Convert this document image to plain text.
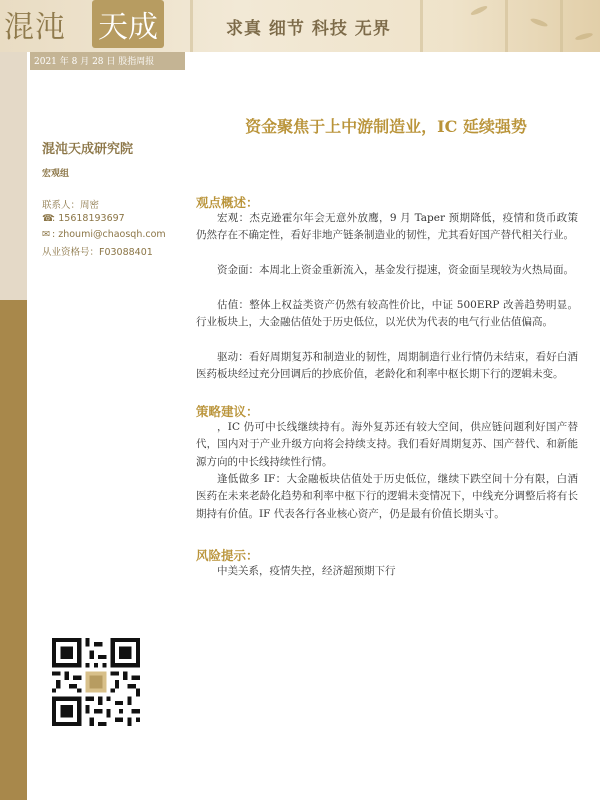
混沌 天成	求真 细节 科技 无界
2021 年 8 月 28 日 股指周报
混沌天成研究院
宏观组
联系人：周密
☎: 15618193697
✉ : zhoumi@chaosqh.com
从业资格号：F03088401
资金聚焦于上中游制造业，IC 延续强势
观点概述：
宏观：杰克逊霍尔年会无意外放鹰，9 月 Taper 预期降低，疫情和货币政策仍然存在不确定性，看好非地产链条制造业的韧性，尤其看好国产替代相关行业。
资金面：本周北上资金重新流入，基金发行提速，资金面呈现较为火热局面。
估值：整体上权益类资产仍然有较高性价比，中证 500ERP 改善趋势明显。行业板块上，大金融估值处于历史低位，以光伏为代表的电气行业估值偏高。
驱动：看好周期复苏和制造业的韧性，周期制造行业行情仍未结束，看好白酒医药板块经过充分回调后的抄底价值，老龄化和利率中枢长期下行的逻辑未变。
策略建议：
，IC 仍可中长线继续持有。海外复苏还有较大空间，供应链问题利好国产替代，国内对于产业升级方向将会持续支持。我们看好周期复苏、国产替代、和新能源方向的中长线持续性行情。
逢低做多 IF：大金融板块估值处于历史低位，继续下跌空间十分有限，白酒医药在未来老龄化趋势和利率中枢下行的逻辑未变情况下，中线充分调整后将有长期持有价值。IF 代表各行各业核心资产，仍是最有价值长期头寸。
风险提示：
中美关系，疫情失控，经济超预期下行
